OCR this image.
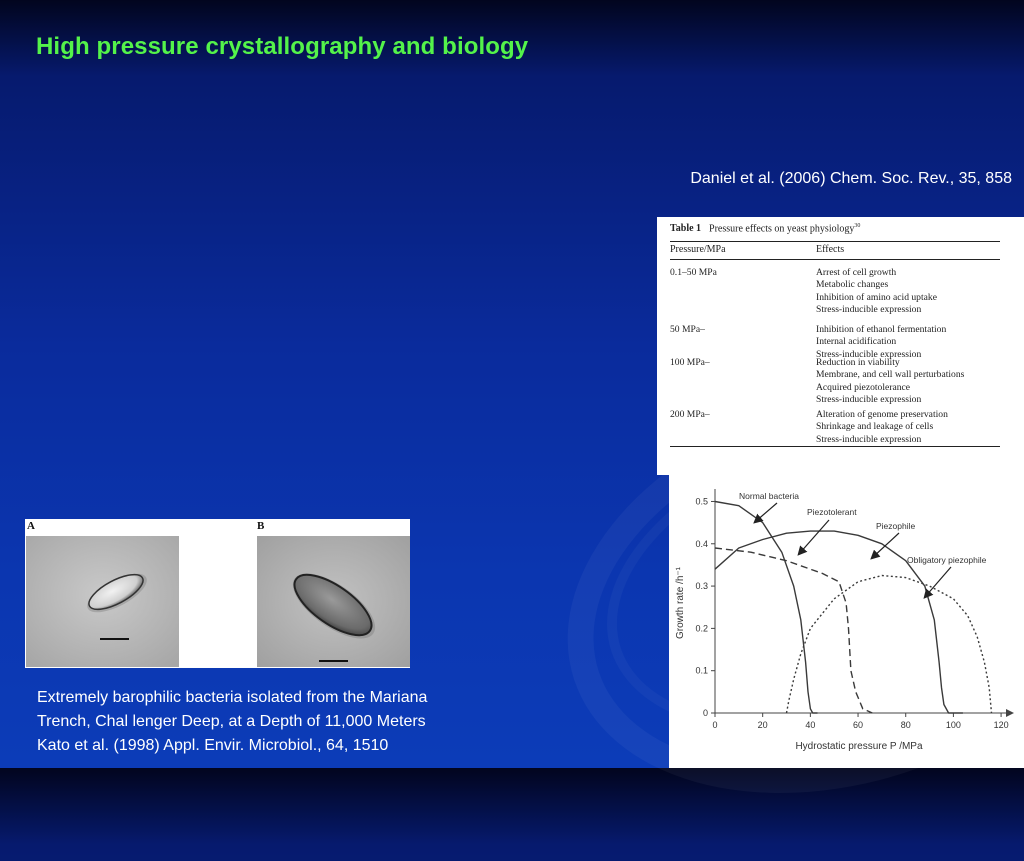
High pressure crystallography and biology
Daniel et al. (2006) Chem. Soc. Rev., 35, 858
Table 1 Pressure effects on yeast physiology$^{30}$
Pressure/MPa	Effects
0.1–50 MPa	Arrest of cell growth
Metabolic changes
Inhibition of amino acid uptake
Stress-inducible expression
50 MPa–	Inhibition of ethanol fermentation
Internal acidification
Stress-inducible expression
100 MPa–	Reduction in viability
Membrane, and cell wall perturbations
Acquired piezotolerance
Stress-inducible expression
200 MPa–	Alteration of genome preservation
Shrinkage and leakage of cells
Stress-inducible expression
0	20	40	60	80	100	120
0
0.1
0.2
0.3
0.4
0.5
Hydrostatic pressure P /MPa
Growth rate /h⁻¹
Normal bacteria
Piezotolerant
Piezophile
Obligatory piezophile
A	B
Extremely barophilic bacteria isolated from the Mariana
Trench, Chal lenger Deep, at a Depth of 11,000 Meters
Kato et al. (1998) Appl. Envir. Microbiol., 64, 1510
